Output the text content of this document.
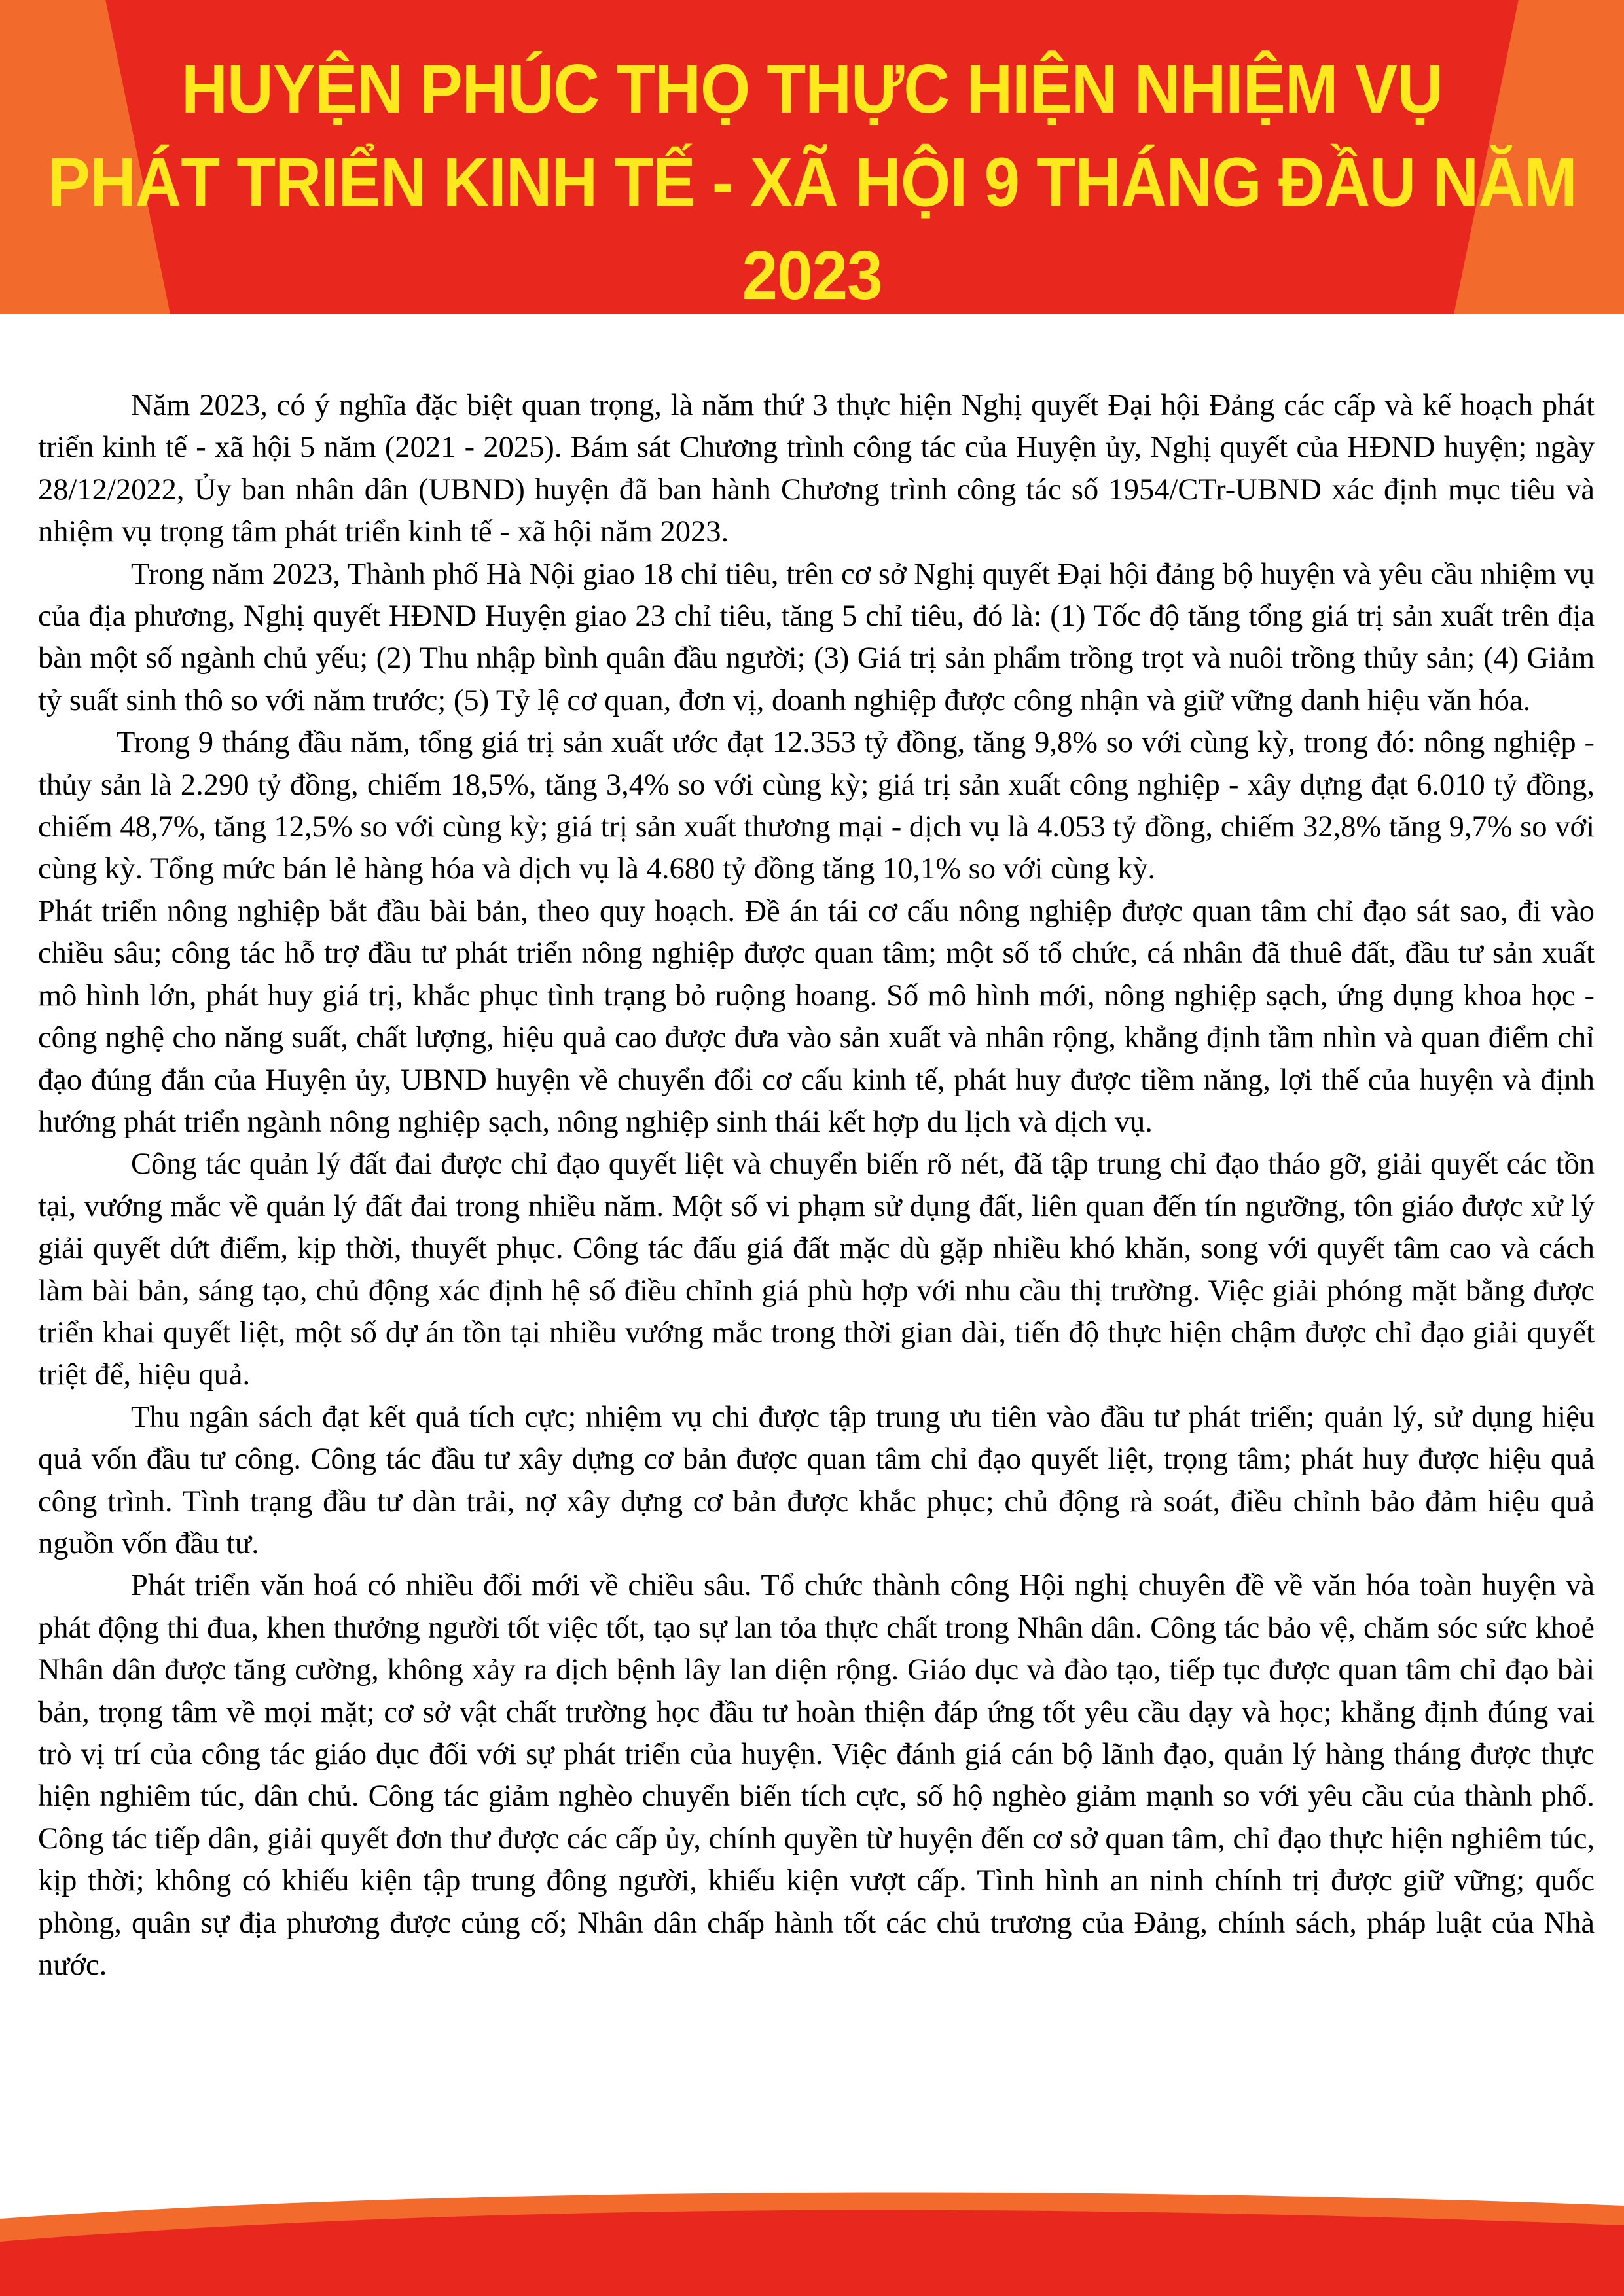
HUYỆN PHÚC THỌ THỰC HIỆN NHIỆM VỤ
PHÁT TRIỂN KINH TẾ - XÃ HỘI 9 THÁNG ĐẦU NĂM 2023

Năm 2023, có ý nghĩa đặc biệt quan trọng, là năm thứ 3 thực hiện Nghị quyết Đại hội Đảng các cấp và kế hoạch phát triển kinh tế - xã hội 5 năm (2021 - 2025). Bám sát Chương trình công tác của Huyện ủy, Nghị quyết của HĐND huyện; ngày 28/12/2022, Ủy ban nhân dân (UBND) huyện đã ban hành Chương trình công tác số 1954/CTr-UBND xác định mục tiêu và nhiệm vụ trọng tâm phát triển kinh tế - xã hội năm 2023.

Trong năm 2023, Thành phố Hà Nội giao 18 chỉ tiêu, trên cơ sở Nghị quyết Đại hội đảng bộ huyện và yêu cầu nhiệm vụ của địa phương, Nghị quyết HĐND Huyện giao 23 chỉ tiêu, tăng 5 chỉ tiêu, đó là: (1) Tốc độ tăng tổng giá trị sản xuất trên địa bàn một số ngành chủ yếu; (2) Thu nhập bình quân đầu người; (3) Giá trị sản phẩm trồng trọt và nuôi trồng thủy sản; (4) Giảm tỷ suất sinh thô so với năm trước; (5) Tỷ lệ cơ quan, đơn vị, doanh nghiệp được công nhận và giữ vững danh hiệu văn hóa.

Trong 9 tháng đầu năm, tổng giá trị sản xuất ước đạt 12.353 tỷ đồng, tăng 9,8% so với cùng kỳ, trong đó: nông nghiệp - thủy sản là 2.290 tỷ đồng, chiếm 18,5%, tăng 3,4% so với cùng kỳ; giá trị sản xuất công nghiệp - xây dựng đạt 6.010 tỷ đồng, chiếm 48,7%, tăng 12,5% so với cùng kỳ; giá trị sản xuất thương mại - dịch vụ là 4.053 tỷ đồng, chiếm 32,8% tăng 9,7% so với cùng kỳ. Tổng mức bán lẻ hàng hóa và dịch vụ là 4.680 tỷ đồng tăng 10,1% so với cùng kỳ.

Phát triển nông nghiệp bắt đầu bài bản, theo quy hoạch. Đề án tái cơ cấu nông nghiệp được quan tâm chỉ đạo sát sao, đi vào chiều sâu; công tác hỗ trợ đầu tư phát triển nông nghiệp được quan tâm; một số tổ chức, cá nhân đã thuê đất, đầu tư sản xuất mô hình lớn, phát huy giá trị, khắc phục tình trạng bỏ ruộng hoang. Số mô hình mới, nông nghiệp sạch, ứng dụng khoa học - công nghệ cho năng suất, chất lượng, hiệu quả cao được đưa vào sản xuất và nhân rộng, khẳng định tầm nhìn và quan điểm chỉ đạo đúng đắn của Huyện ủy, UBND huyện về chuyển đổi cơ cấu kinh tế, phát huy được tiềm năng, lợi thế của huyện và định hướng phát triển ngành nông nghiệp sạch, nông nghiệp sinh thái kết hợp du lịch và dịch vụ.

Công tác quản lý đất đai được chỉ đạo quyết liệt và chuyển biến rõ nét, đã tập trung chỉ đạo tháo gỡ, giải quyết các tồn tại, vướng mắc về quản lý đất đai trong nhiều năm. Một số vi phạm sử dụng đất, liên quan đến tín ngưỡng, tôn giáo được xử lý giải quyết dứt điểm, kịp thời, thuyết phục. Công tác đấu giá đất mặc dù gặp nhiều khó khăn, song với quyết tâm cao và cách làm bài bản, sáng tạo, chủ động xác định hệ số điều chỉnh giá phù hợp với nhu cầu thị trường. Việc giải phóng mặt bằng được triển khai quyết liệt, một số dự án tồn tại nhiều vướng mắc trong thời gian dài, tiến độ thực hiện chậm được chỉ đạo giải quyết triệt để, hiệu quả.

Thu ngân sách đạt kết quả tích cực; nhiệm vụ chi được tập trung ưu tiên vào đầu tư phát triển; quản lý, sử dụng hiệu quả vốn đầu tư công. Công tác đầu tư xây dựng cơ bản được quan tâm chỉ đạo quyết liệt, trọng tâm; phát huy được hiệu quả công trình. Tình trạng đầu tư dàn trải, nợ xây dựng cơ bản được khắc phục; chủ động rà soát, điều chỉnh bảo đảm hiệu quả nguồn vốn đầu tư.

Phát triển văn hoá có nhiều đổi mới về chiều sâu. Tổ chức thành công Hội nghị chuyên đề về văn hóa toàn huyện và phát động thi đua, khen thưởng người tốt việc tốt, tạo sự lan tỏa thực chất trong Nhân dân. Công tác bảo vệ, chăm sóc sức khoẻ Nhân dân được tăng cường, không xảy ra dịch bệnh lây lan diện rộng. Giáo dục và đào tạo, tiếp tục được quan tâm chỉ đạo bài bản, trọng tâm về mọi mặt; cơ sở vật chất trường học đầu tư hoàn thiện đáp ứng tốt yêu cầu dạy và học; khẳng định đúng vai trò vị trí của công tác giáo dục đối với sự phát triển của huyện. Việc đánh giá cán bộ lãnh đạo, quản lý hàng tháng được thực hiện nghiêm túc, dân chủ. Công tác giảm nghèo chuyển biến tích cực, số hộ nghèo giảm mạnh so với yêu cầu của thành phố. Công tác tiếp dân, giải quyết đơn thư được các cấp ủy, chính quyền từ huyện đến cơ sở quan tâm, chỉ đạo thực hiện nghiêm túc, kịp thời; không có khiếu kiện tập trung đông người, khiếu kiện vượt cấp. Tình hình an ninh chính trị được giữ vững; quốc phòng, quân sự địa phương được củng cố; Nhân dân chấp hành tốt các chủ trương của Đảng, chính sách, pháp luật của Nhà nước.
